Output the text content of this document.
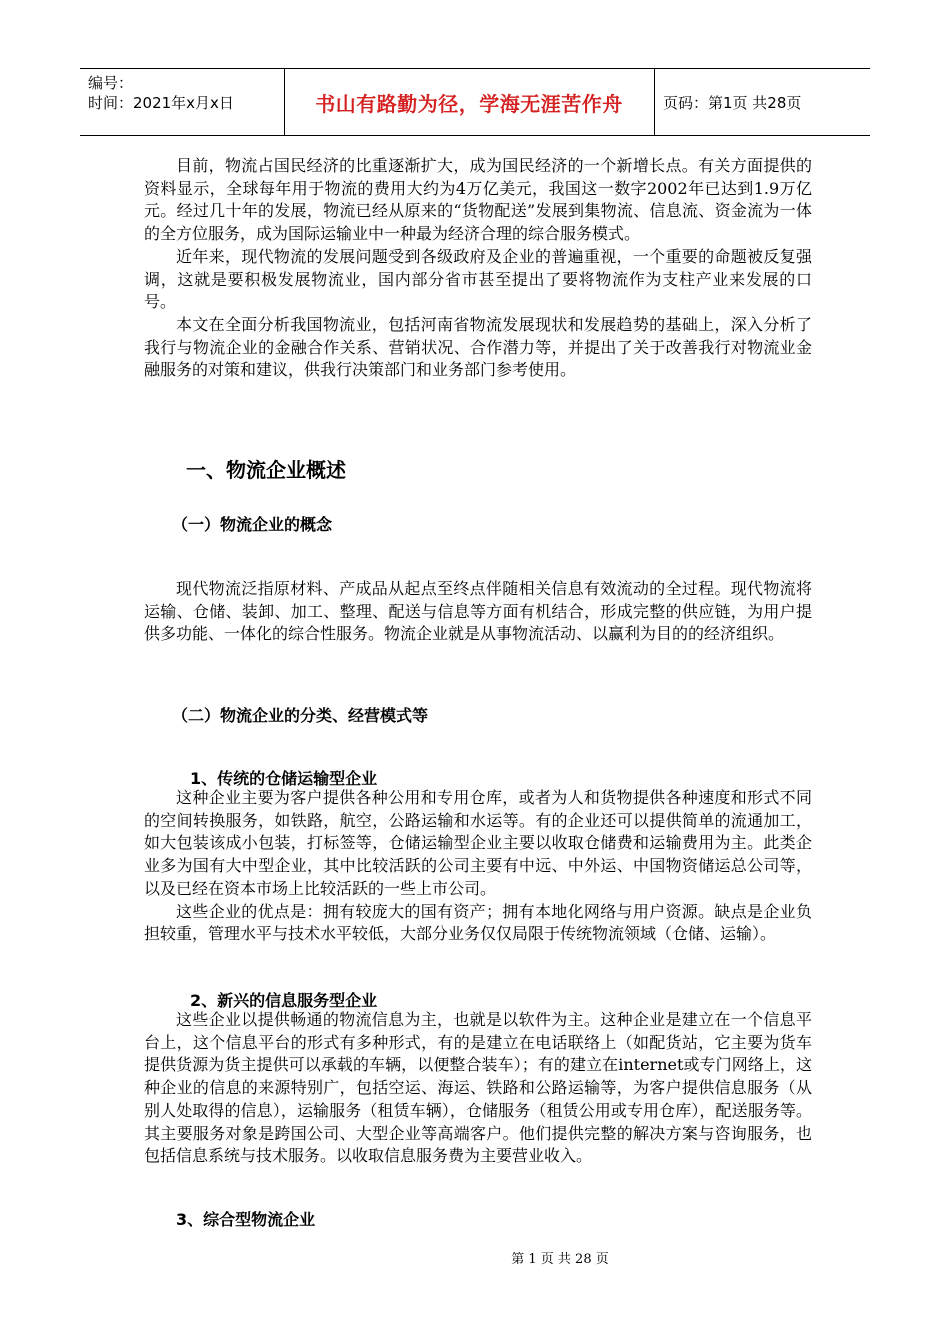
编号：
时间：2021年x月x日	书山有路勤为径，学海无涯苦作舟	页码：第1页 共28页

目前，物流占国民经济的比重逐渐扩大，成为国民经济的一个新增长点。有关方面提供的资料显示，全球每年用于物流的费用大约为4万亿美元，我国这一数字2002年已达到1.9万亿元。经过几十年的发展，物流已经从原来的“货物配送”发展到集物流、信息流、资金流为一体的全方位服务，成为国际运输业中一种最为经济合理的综合服务模式。

近年来，现代物流的发展问题受到各级政府及企业的普遍重视，一个重要的命题被反复强调，这就是要积极发展物流业，国内部分省市甚至提出了要将物流作为支柱产业来发展的口号。

本文在全面分析我国物流业，包括河南省物流发展现状和发展趋势的基础上，深入分析了我行与物流企业的金融合作关系、营销状况、合作潜力等，并提出了关于改善我行对物流业金融服务的对策和建议，供我行决策部门和业务部门参考使用。

一、物流企业概述
（一）物流企业的概念

现代物流泛指原材料、产成品从起点至终点伴随相关信息有效流动的全过程。现代物流将运输、仓储、装卸、加工、整理、配送与信息等方面有机结合，形成完整的供应链，为用户提供多功能、一体化的综合性服务。物流企业就是从事物流活动、以赢利为目的的经济组织。

（二）物流企业的分类、经营模式等
1、传统的仓储运输型企业

这种企业主要为客户提供各种公用和专用仓库，或者为人和货物提供各种速度和形式不同的空间转换服务，如铁路，航空，公路运输和水运等。有的企业还可以提供简单的流通加工，如大包装该成小包装，打标签等，仓储运输型企业主要以收取仓储费和运输费用为主。此类企业多为国有大中型企业，其中比较活跃的公司主要有中远、中外运、中国物资储运总公司等，以及已经在资本市场上比较活跃的一些上市公司。

这些企业的优点是：拥有较庞大的国有资产；拥有本地化网络与用户资源。缺点是企业负担较重，管理水平与技术水平较低，大部分业务仅仅局限于传统物流领域（仓储、运输）。

2、新兴的信息服务型企业

这些企业以提供畅通的物流信息为主，也就是以软件为主。这种企业是建立在一个信息平台上，这个信息平台的形式有多种形式，有的是建立在电话联络上（如配货站，它主要为货车提供货源为货主提供可以承载的车辆，以便整合装车）；有的建立在internet或专门网络上，这种企业的信息的来源特别广，包括空运、海运、铁路和公路运输等，为客户提供信息服务（从别人处取得的信息），运输服务（租赁车辆），仓储服务（租赁公用或专用仓库），配送服务等。其主要服务对象是跨国公司、大型企业等高端客户。他们提供完整的解决方案与咨询服务，也包括信息系统与技术服务。以收取信息服务费为主要营业收入。

3、综合型物流企业
第 1 页 共 28 页
